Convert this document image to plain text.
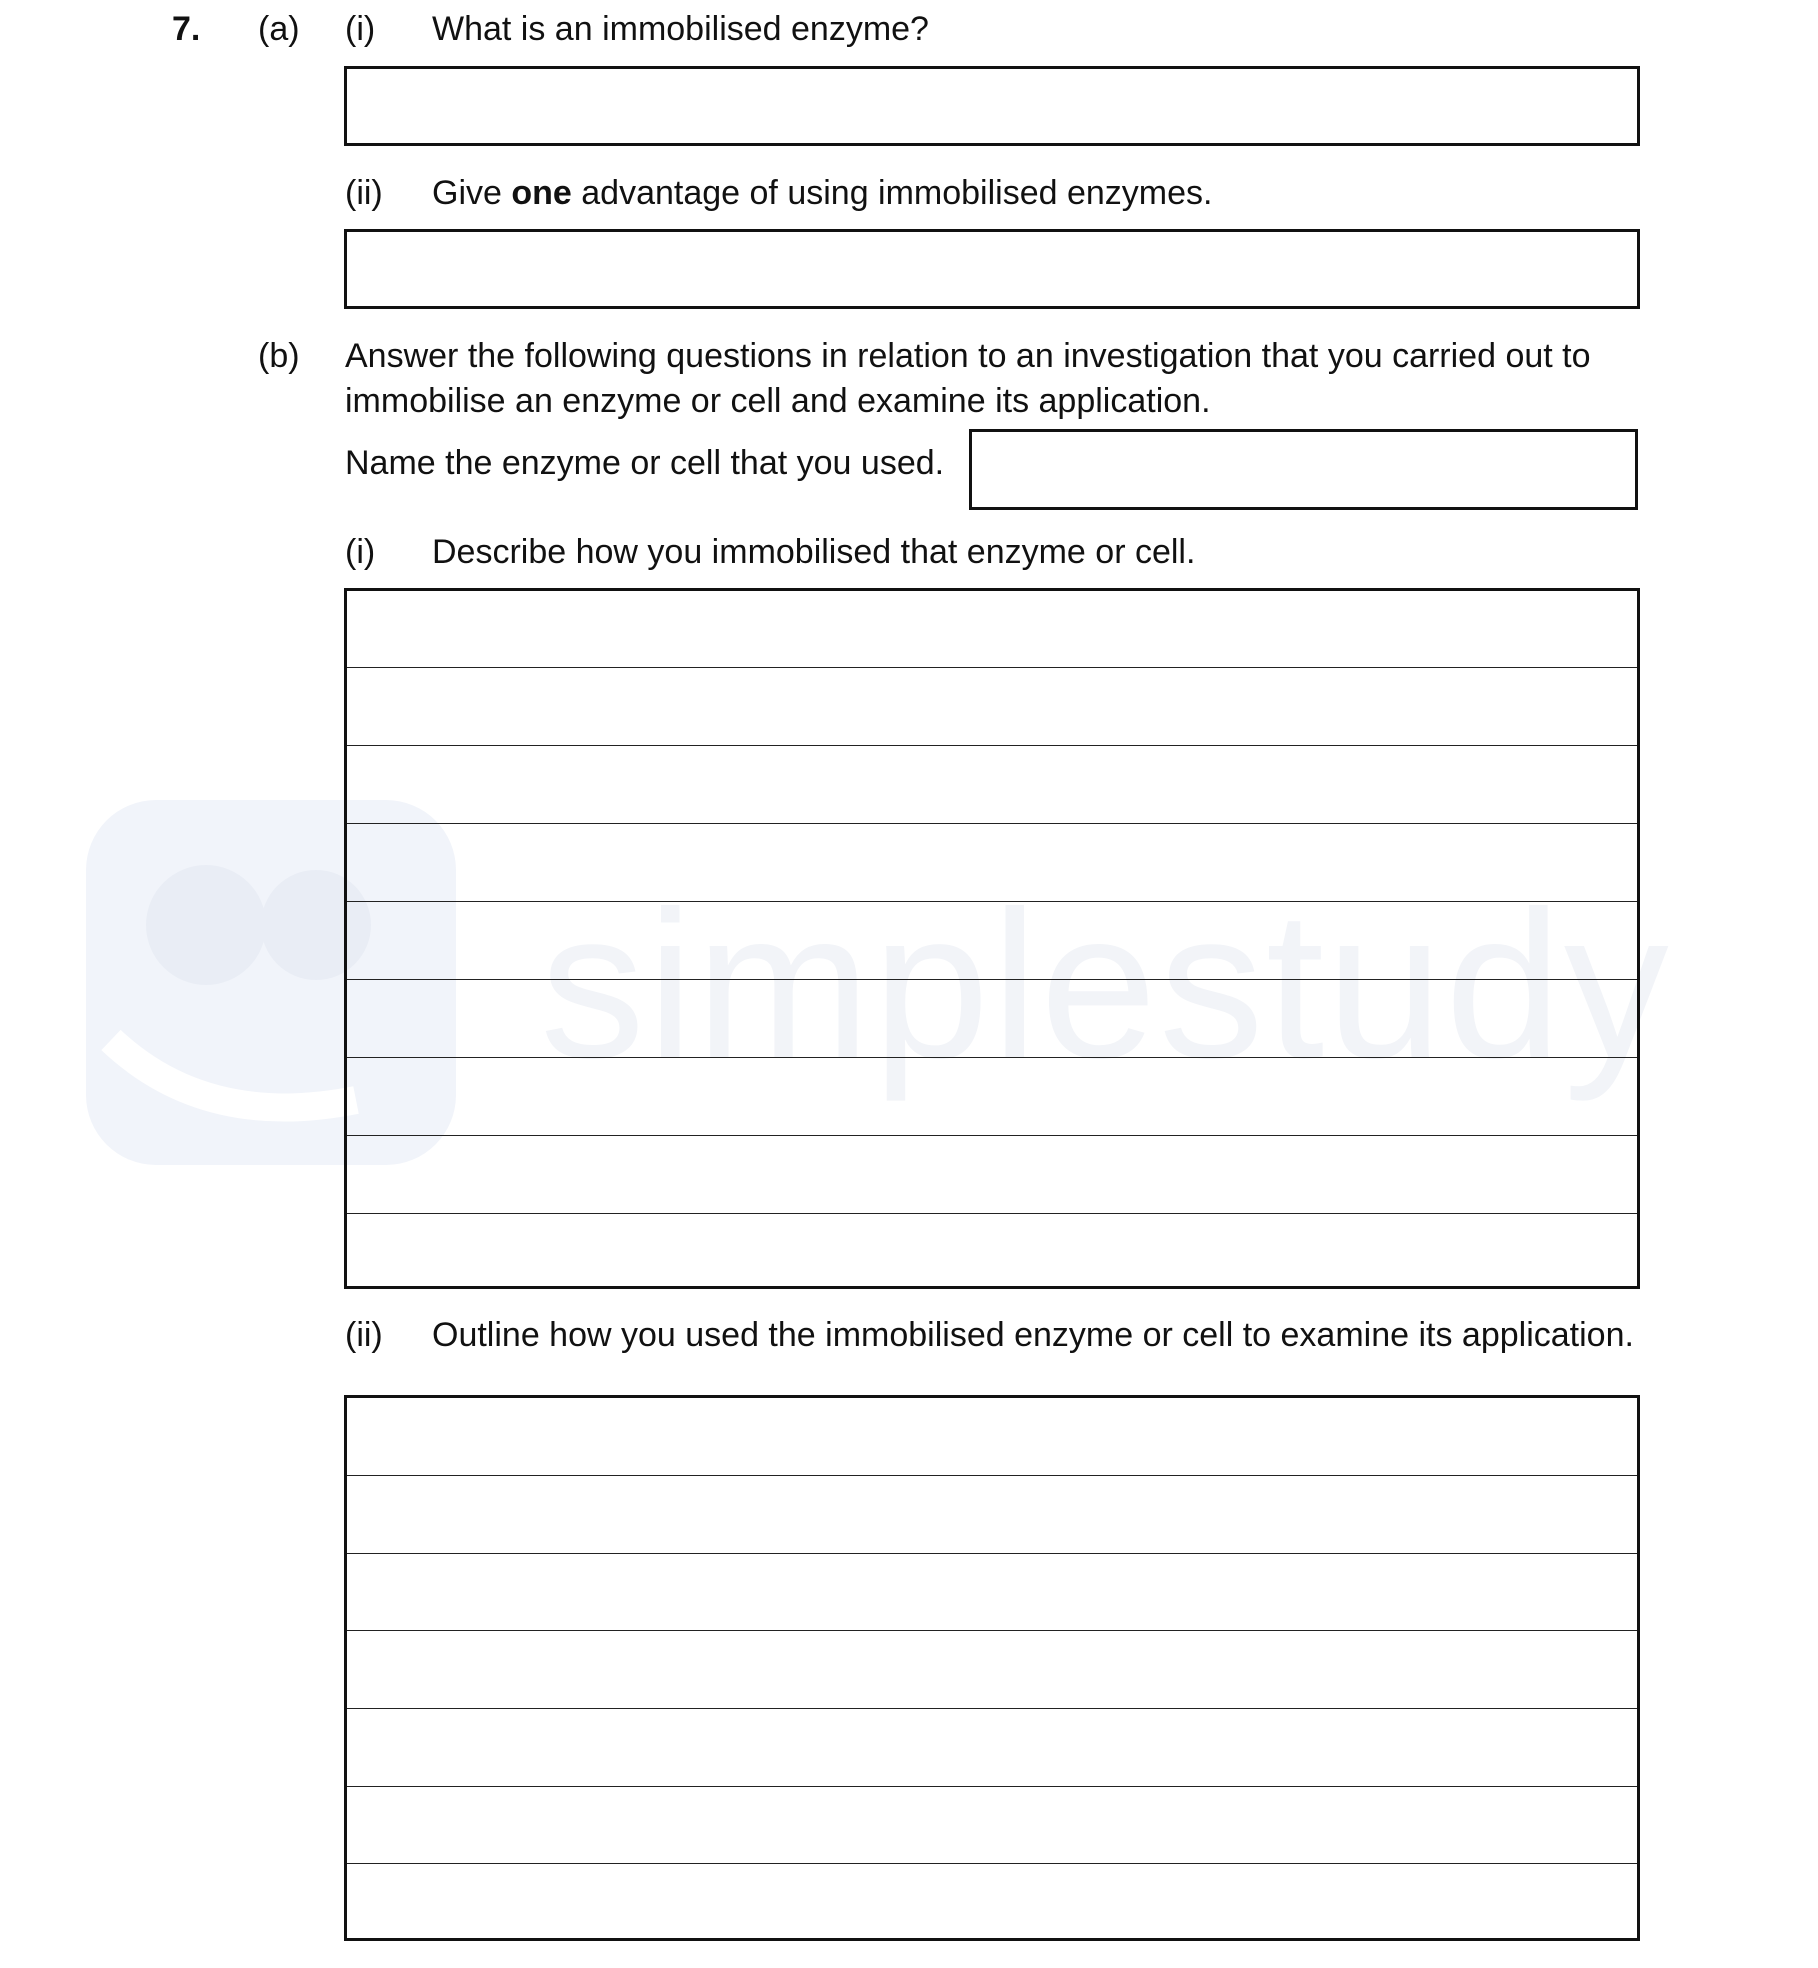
simplestudy
7. (a) (i) What is an immobilised enzyme?
(ii) Give one advantage of using immobilised enzymes.
(b) Answer the following questions in relation to an investigation that you carried out to
immobilise an enzyme or cell and examine its application.
Name the enzyme or cell that you used.
(i) Describe how you immobilised that enzyme or cell.
(ii) Outline how you used the immobilised enzyme or cell to examine its application.
